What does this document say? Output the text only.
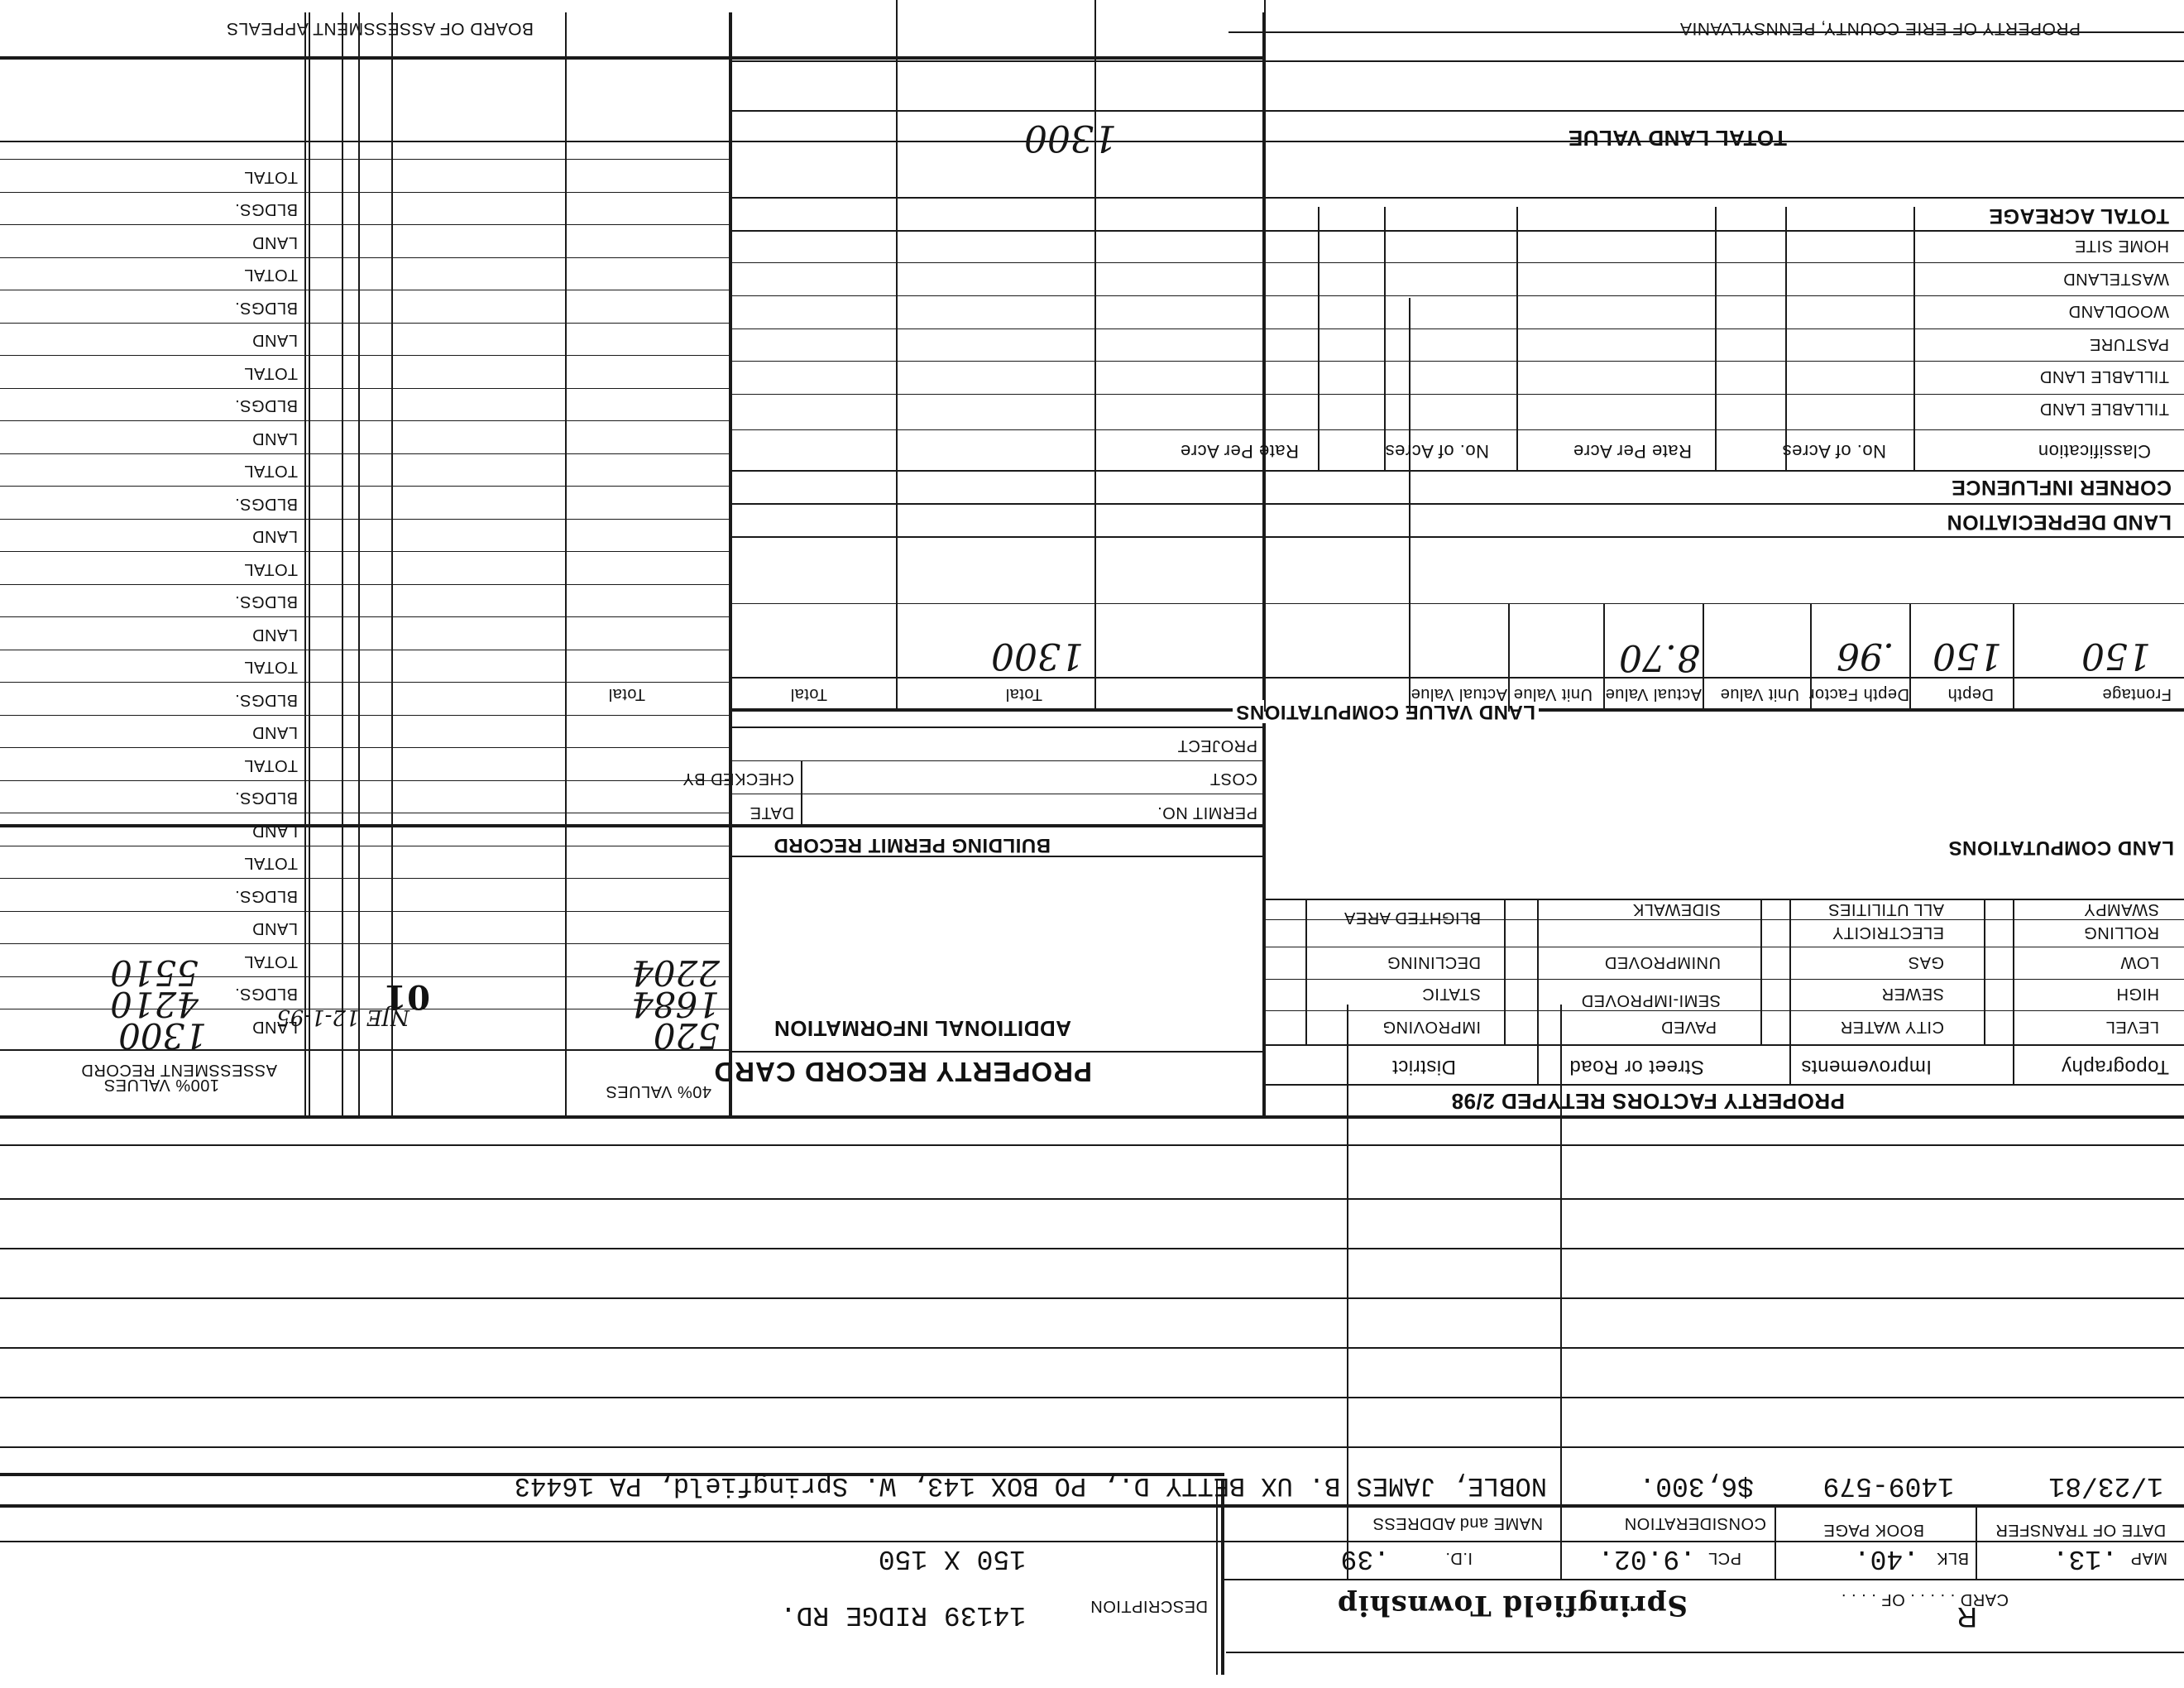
PROPERTY OF ERIE COUNTY, PENNSYLVANIA
BOARD OF ASSESSMENT APPEALS
R
CARD . . . . . OF . . . .
Springfield Township
DESCRIPTION
14139 RIDGE RD.
150 X 150	MAP
.13.
BLK
.40.
PCL
.9.02.
I.D.
.39
DATE OF TRANSFER
BOOK PAGE
CONSIDERATION
NAME and ADDRESS
1/23/81
1409-579
$6,300.
NOBLE, JAMES B. UX BETTY D., PO BOX 143, W. Springfield, PA 16443
PROPERTY FACTORS RETYPED 2/98
Topography
Improvements
Street or Road
District
LEVEL
HIGH
LOW
ROLLING
SWAMPY
CITY WATER
SEWER
GAS
ELECTRICITY
ALL UTILITIES
PAVED
SEMI-IMPROVED
UNIMPROVED
SIDEWALK
IMPROVING
STATIC
DECLINING
BLIGHTED AREA
LAND COMPUTATIONS
PROPERTY RECORD CARD
ADDITIONAL INFORMATION
BUILDING PERMIT RECORD
PERMIT NO.
DATE
COST
CHECKED BY
PROJECT
LAND VALUE COMPUTATIONS
Frontage
Depth
Depth Factor
Unit Value
Actual Value
Unit Value
Actual Value
Total
Total
Total
150
150
.96
8.70
1300
LAND DEPRECIATION
CORNER INFLUENCE
Classification
No. of Acres
Rate Per Acre
No. of Acres
Rate Per Acre
TILLABLE LAND
TILLABLE LAND
PASTURE
WOODLAND
WASTELAND
HOME SITE
TOTAL ACREAGE
TOTAL LAND VALUE
1300
40% VALUES
100% VALUES
ASSESSMENT RECORD
520
1684
2204
NJE 12-1-95
01
1300
4210
5510
LAND
BLDGS.
TOTAL
LAND
BLDGS.
TOTAL
LAND
BLDGS.
TOTAL
LAND
BLDGS.
TOTAL
LAND
BLDGS.
TOTAL
LAND
BLDGS.
TOTAL
LAND
BLDGS.
TOTAL
LAND
BLDGS.
TOTAL
LAND
BLDGS.
TOTAL
